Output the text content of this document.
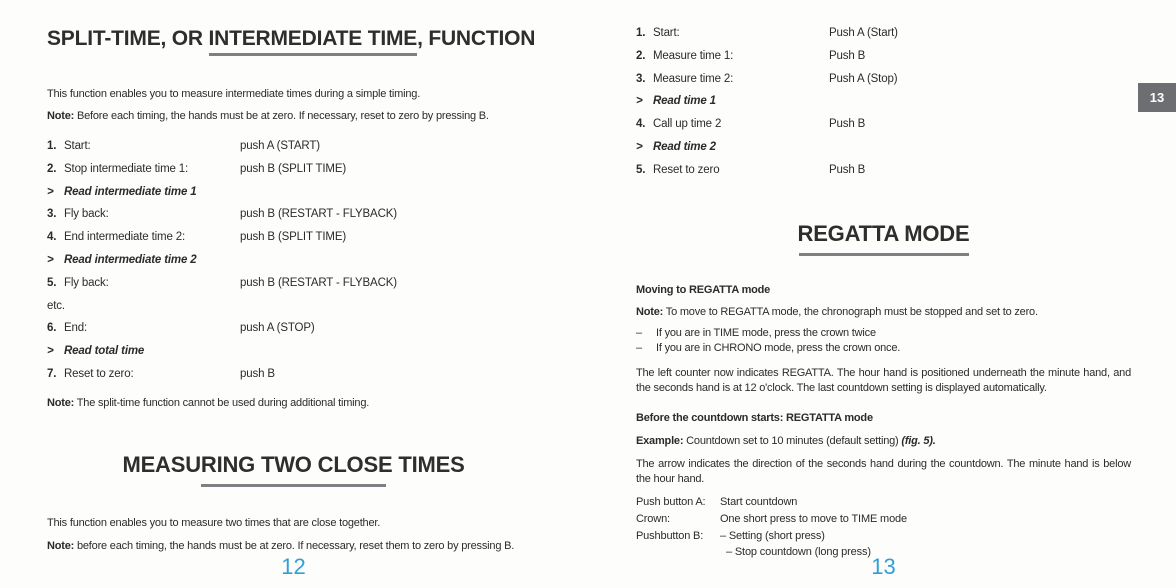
SPLIT-TIME, OR INTERMEDIATE TIME, FUNCTION

This function enables you to measure intermediate times during a simple timing.

Note: Before each timing, the hands must be at zero. If necessary, reset to zero by pressing B.

1. Start:	push A (START)
2. Stop intermediate time 1:	push B (SPLIT TIME)
> Read intermediate time 1
3. Fly back:	push B (RESTART - FLYBACK)
4. End intermediate time 2:	push B (SPLIT TIME)
> Read intermediate time 2
5. Fly back:	push B (RESTART - FLYBACK)
etc.
6. End:	push A (STOP)
> Read total time
7. Reset to zero:	push B

Note: The split-time function cannot be used during additional timing.

MEASURING TWO CLOSE TIMES

This function enables you to measure two times that are close together.

Note: before each timing, the hands must be at zero. If necessary, reset them to zero by pressing B.

12
1. Start:	Push A (Start)
2. Measure time 1:	Push B
3. Measure time 2:	Push A (Stop)
> Read time 1
4. Call up time 2	Push B
> Read time 2
5. Reset to zero	Push B
REGATTA MODE

Moving to REGATTA mode

Note: To move to REGATTA mode, the chronograph must be stopped and set to zero.

– If you are in TIME mode, press the crown twice
– If you are in CHRONO mode, press the crown once.

The left counter now indicates REGATTA. The hour hand is positioned underneath the minute hand, and the seconds hand is at 12 o'clock. The last countdown setting is displayed automatically.

Before the countdown starts: REGTATTA mode

Example: Countdown set to 10 minutes (default setting) (fig. 5).

The arrow indicates the direction of the seconds hand during the countdown. The minute hand is below the hour hand.

Push button A: Start countdown
Crown:	One short press to move to TIME mode
Pushbutton B: – Setting (short press)
– Stop countdown (long press)
13
13
